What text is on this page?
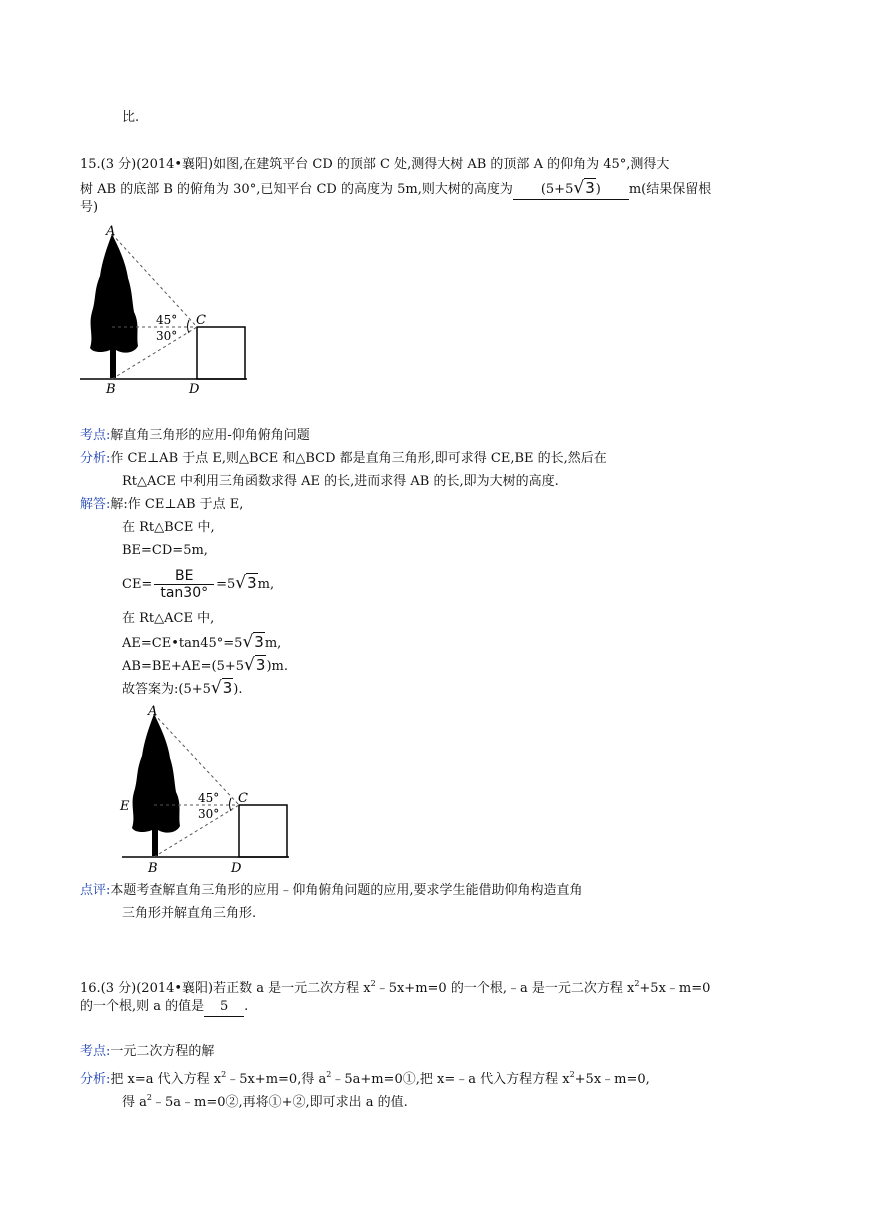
比.
15.(3 分)(2014•襄阳)如图,在建筑平台 CD 的顶部 C 处,测得大树 AB 的顶部 A 的仰角为 45°,测得大
树 AB 的底部 B 的俯角为 30°,已知平台 CD 的高度为 5m,则大树的高度为 (5+5√3) m(结果保留根
号)
A
B
C
D
45°
30°
考点:解直角三角形的应用-仰角俯角问题
分析:作 CE⊥AB 于点 E,则△BCE 和△BCD 都是直角三角形,即可求得 CE,BE 的长,然后在
Rt△ACE 中利用三角函数求得 AE 的长,进而求得 AB 的长,即为大树的高度.
解答:解:作 CE⊥AB 于点 E,
在 Rt△BCE 中,
BE=CD=5m,
$CE= \frac{BE}{\tan 30^\circ} =5√3m$,
在 Rt△ACE 中,
AE=CE•tan45°=5√3m,
AB=BE+AE=(5+5√3)m.
故答案为:(5+5√3).
A
B
C
D
E
45°
30°
点评:本题考查解直角三角形的应用﹣仰角俯角问题的应用,要求学生能借助仰角构造直角
三角形并解直角三角形.
16.(3 分)(2014•襄阳)若正数 a 是一元二次方程 $x^2﹣5x+m=0$ 的一个根,﹣a 是一元二次方程 $x^2+5x﹣m=0$
的一个根,则 a 的值是 5 .
考点:一元二次方程的解
分析:把 x=a 代入方程 $x^2﹣5x+m=0$,得 $a^2﹣5a+m=0①$,把 x=﹣a 代入方程方程 $x^2+5x﹣m=0$,
得 $a^2﹣5a﹣m=0②$,再将①+②,即可求出 a 的值.
